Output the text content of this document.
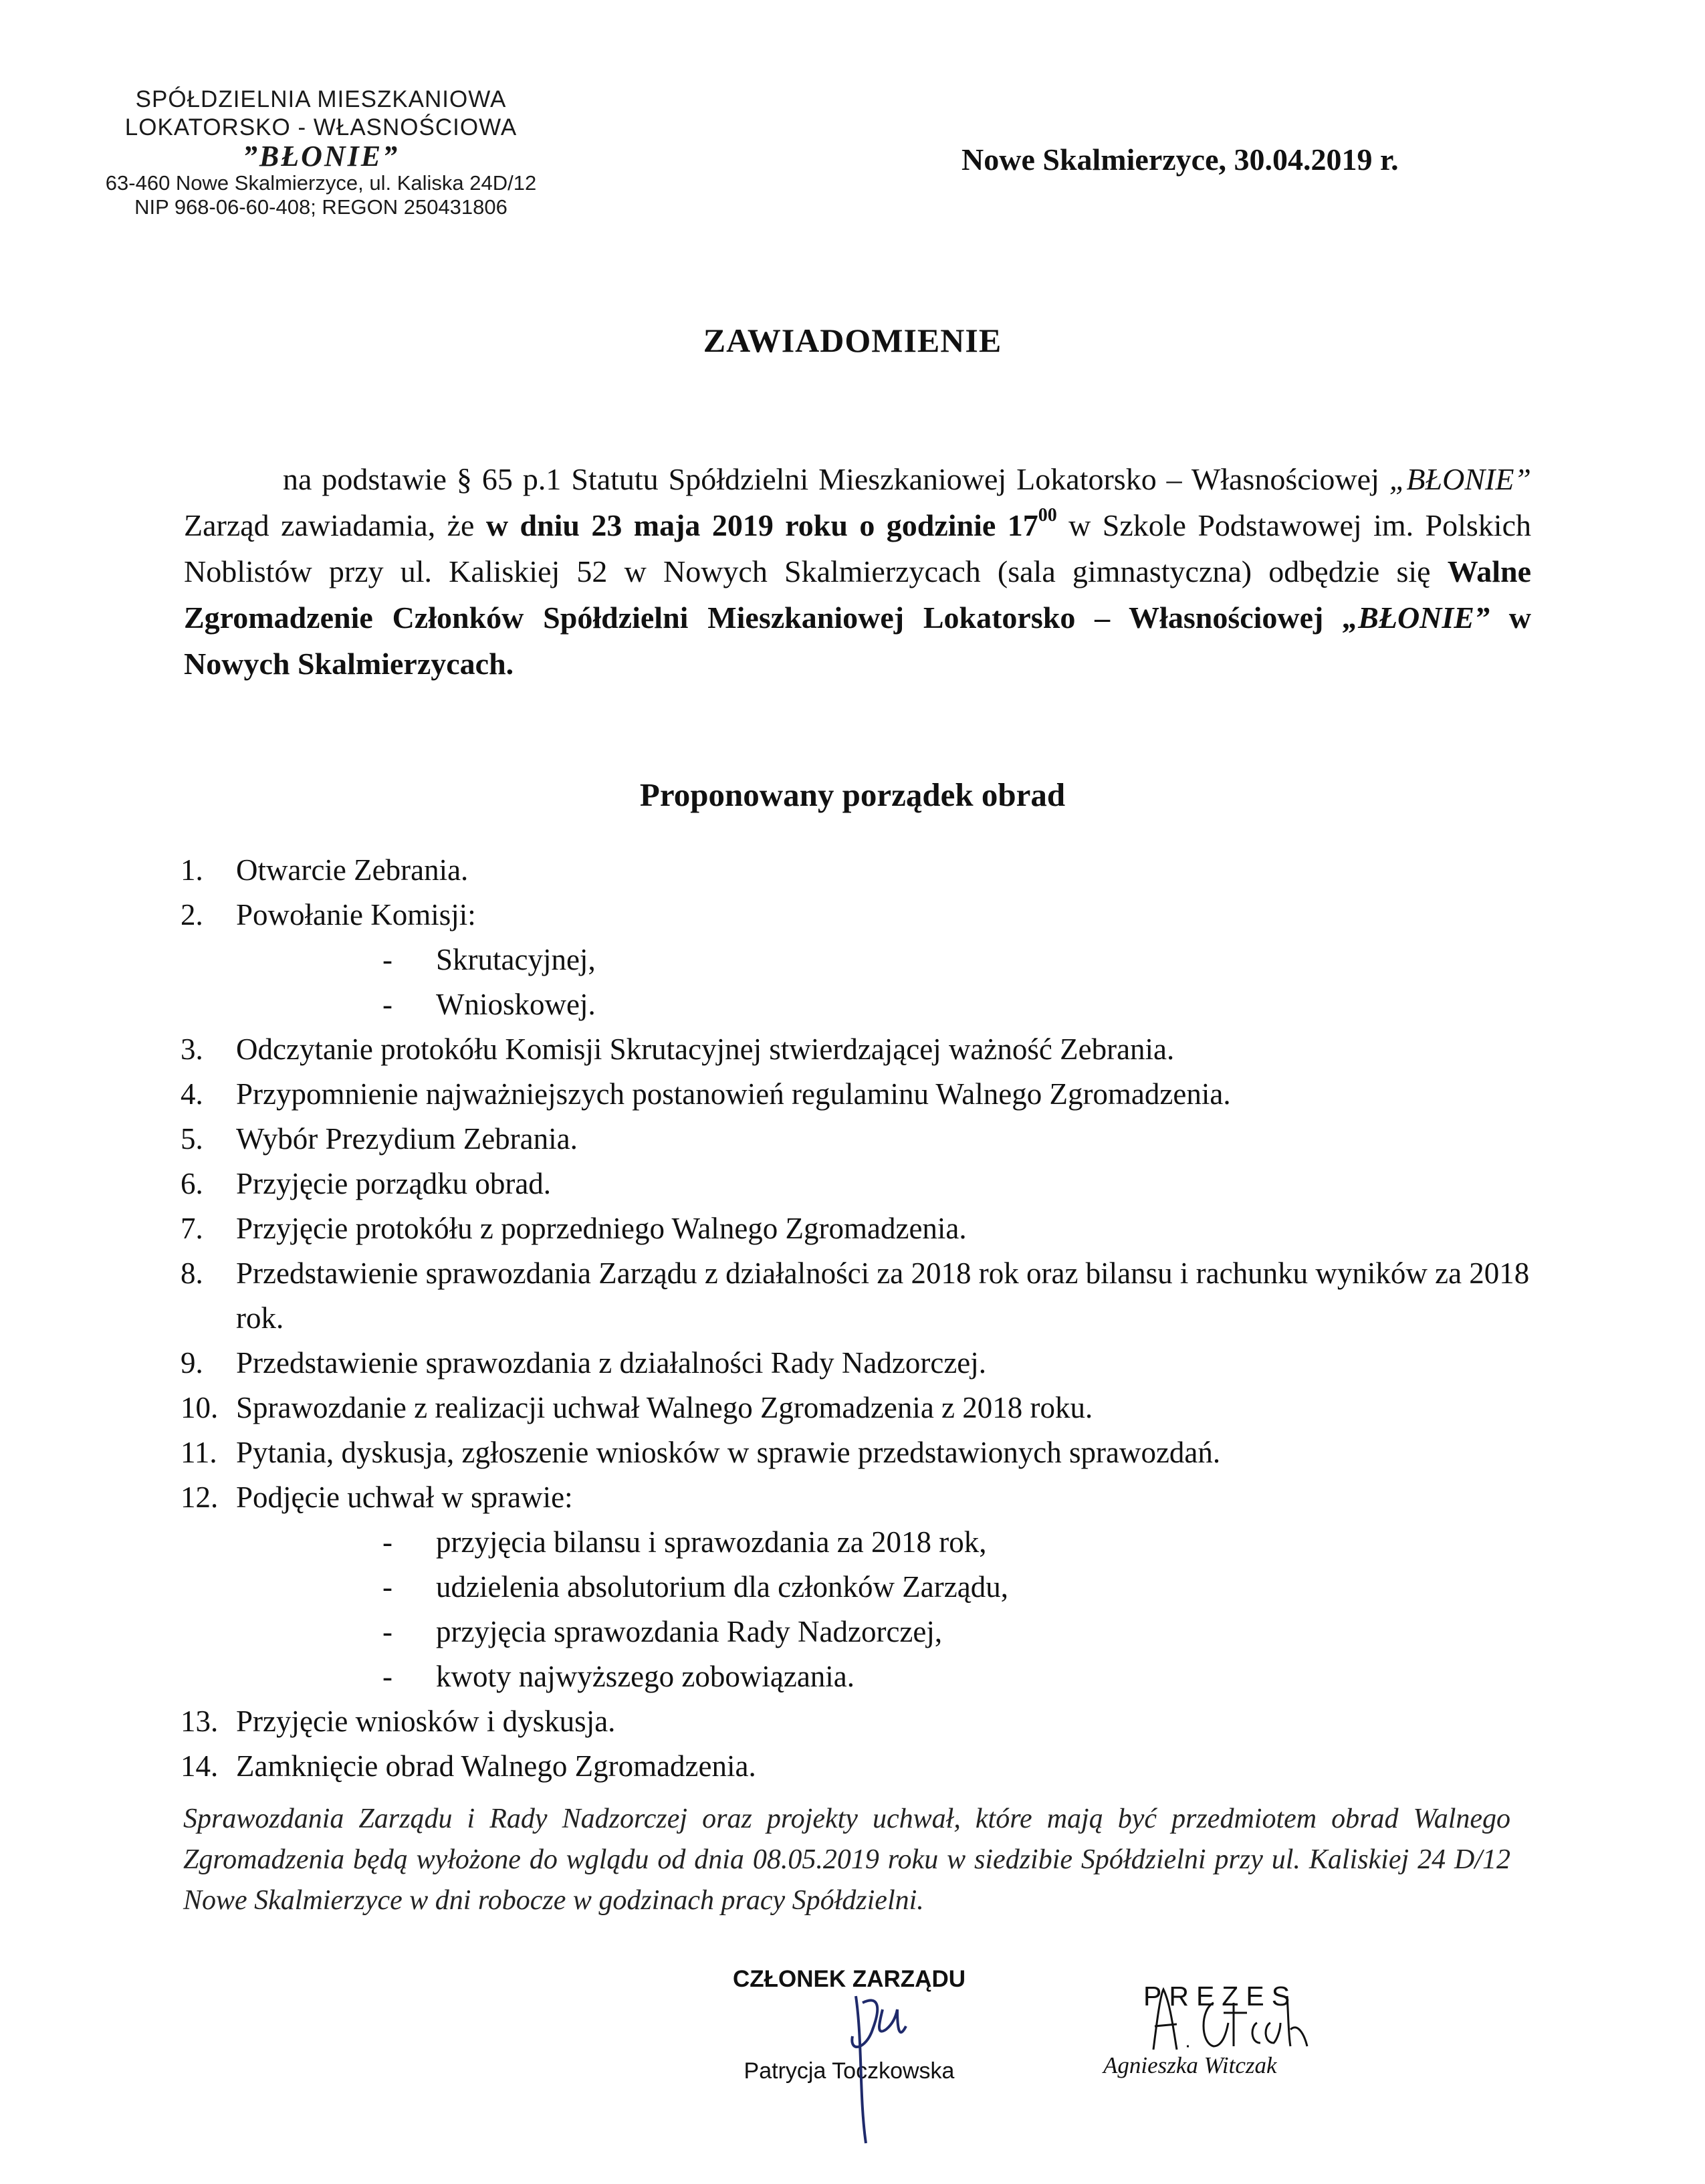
SPÓŁDZIELNIA MIESZKANIOWA
LOKATORSKO - WŁASNOŚCIOWA
”BŁONIE”
63-460 Nowe Skalmierzyce, ul. Kaliska 24D/12
NIP 968-06-60-408; REGON 250431806
Nowe Skalmierzyce, 30.04.2019 r.
ZAWIADOMIENIE
na podstawie § 65 p.1 Statutu Spółdzielni Mieszkaniowej Lokatorsko – Własnościowej „BŁONIE” Zarząd zawiadamia, że w dniu 23 maja 2019 roku o godzinie $17^{00}$ w Szkole Podstawowej im. Polskich Noblistów przy ul. Kaliskiej 52 w Nowych Skalmierzycach (sala gimnastyczna) odbędzie się Walne Zgromadzenie Członków Spółdzielni Mieszkaniowej Lokatorsko – Własnościowej „BŁONIE” w Nowych Skalmierzycach.
Proponowany porządek obrad
1.	Otwarcie Zebrania.
2.	Powołanie Komisji:
-	Skrutacyjnej,
-	Wnioskowej.
3.	Odczytanie protokółu Komisji Skrutacyjnej stwierdzającej ważność Zebrania.
4.	Przypomnienie najważniejszych postanowień regulaminu Walnego Zgromadzenia.
5.	Wybór Prezydium Zebrania.
6.	Przyjęcie porządku obrad.
7.	Przyjęcie protokółu z poprzedniego Walnego Zgromadzenia.
8.	Przedstawienie sprawozdania Zarządu z działalności za 2018 rok oraz bilansu i rachunku wyników za 2018 rok.
9.	Przedstawienie sprawozdania z działalności Rady Nadzorczej.
10. Sprawozdanie z realizacji uchwał Walnego Zgromadzenia z 2018 roku.
11. Pytania, dyskusja, zgłoszenie wniosków w sprawie przedstawionych sprawozdań.
12. Podjęcie uchwał w sprawie:
-	przyjęcia bilansu i sprawozdania za 2018 rok,
-	udzielenia absolutorium dla członków Zarządu,
-	przyjęcia sprawozdania Rady Nadzorczej,
-	kwoty najwyższego zobowiązania.
13. Przyjęcie wniosków i dyskusja.
14. Zamknięcie obrad Walnego Zgromadzenia.
Sprawozdania Zarządu i Rady Nadzorczej oraz projekty uchwał, które mają być przedmiotem obrad Walnego Zgromadzenia będą wyłożone do wglądu od dnia 08.05.2019 roku w siedzibie Spółdzielni przy ul. Kaliskiej 24 D/12 Nowe Skalmierzyce w dni robocze w godzinach pracy Spółdzielni.
CZŁONEK ZARZĄDU
Patrycja Toczkowska
PREZES
Agnieszka Witczak
